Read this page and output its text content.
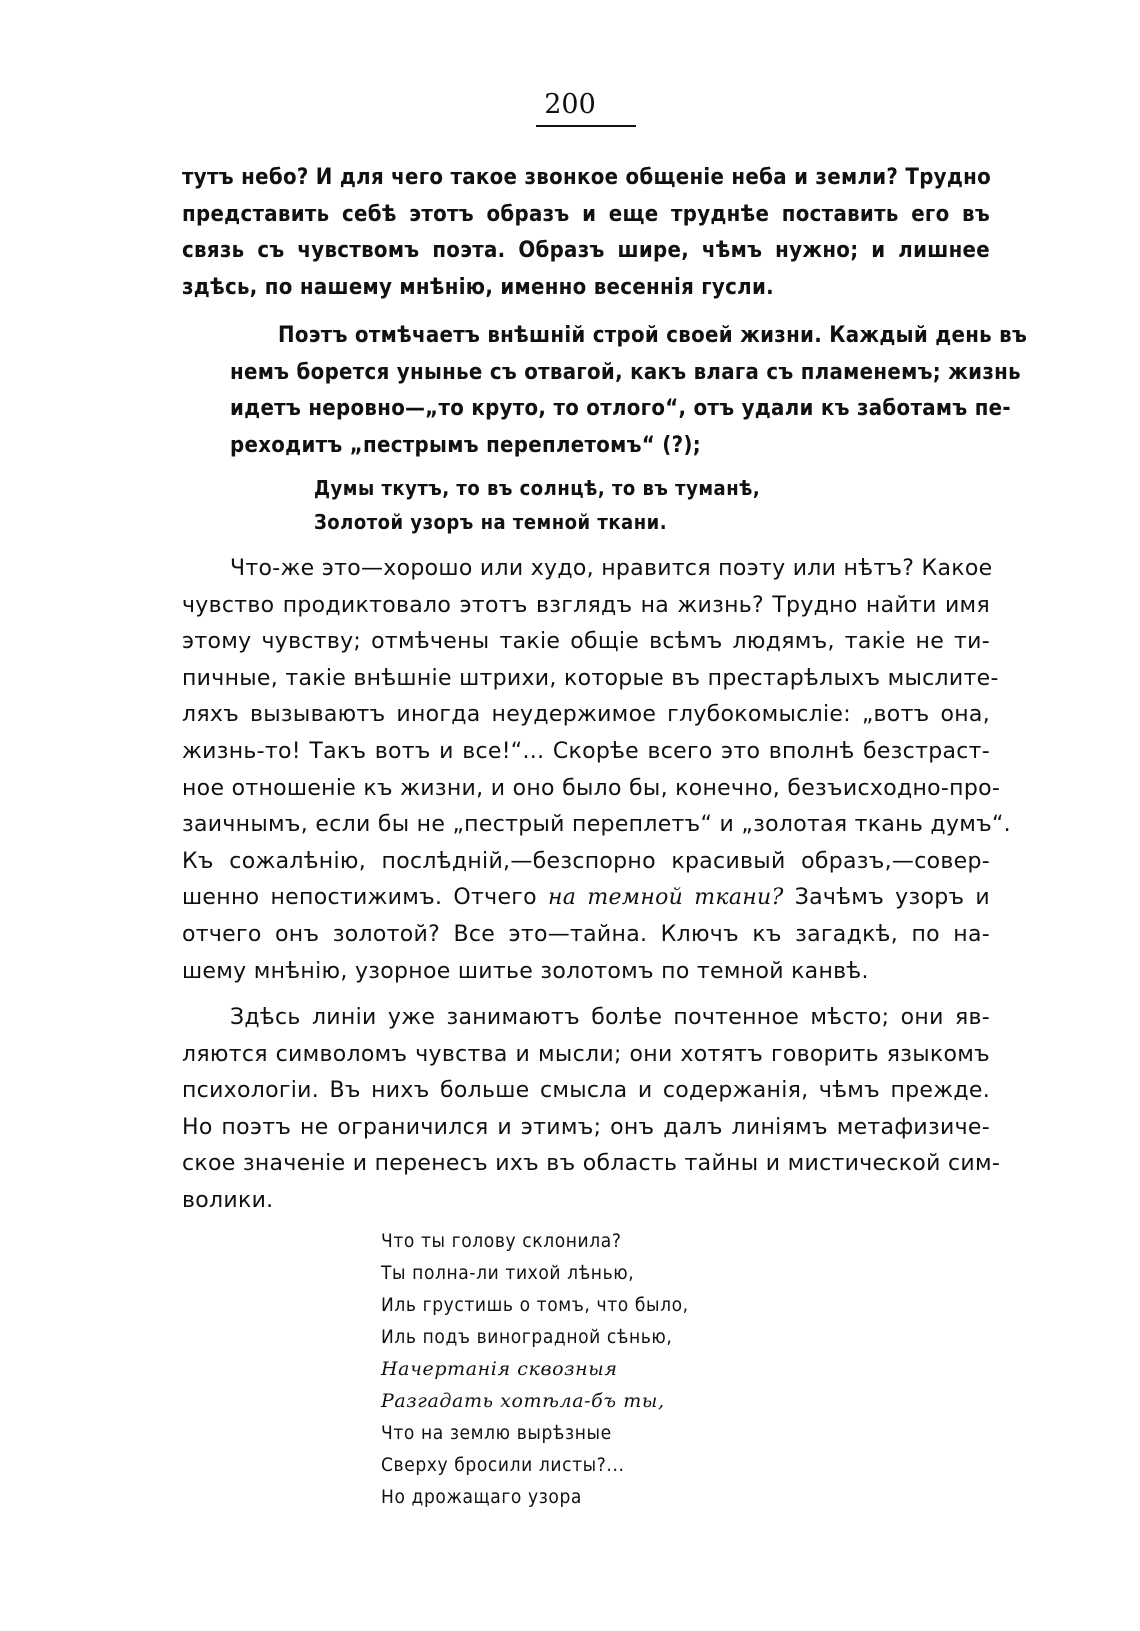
200
тутъ небо? И для чего такое звонкое общеніе неба и земли? Трудно
представить себѣ этотъ образъ и еще труднѣе поставить его въ
связь съ чувствомъ поэта. Образъ шире, чѣмъ нужно; и лишнее
здѣсь, по нашему мнѣнію, именно весеннія гусли.
Поэтъ отмѣчаетъ внѣшній строй своей жизни. Каждый день въ
немъ борется унынье съ отвагой, какъ влага съ пламенемъ; жизнь
идетъ неровно—„то круто, то отлого“, отъ удали къ заботамъ пе-
реходитъ „пестрымъ переплетомъ“ (?);
Думы ткутъ, то въ солнцѣ, то въ туманѣ,
Золотой узоръ на темной ткани.
Что-же это—хорошо или худо, нравится поэту или нѣтъ? Какое
чувство продиктовало этотъ взглядъ на жизнь? Трудно найти имя
этому чувству; отмѣчены такіе общіе всѣмъ людямъ, такіе не ти-
пичные, такіе внѣшніе штрихи, которые въ престарѣлыхъ мыслите-
ляхъ вызываютъ иногда неудержимое глубокомысліе: „вотъ она,
жизнь-то! Такъ вотъ и все!“... Скорѣе всего это вполнѣ безстраст-
ное отношеніе къ жизни, и оно было бы, конечно, безъисходно-про-
заичнымъ, если бы не „пестрый переплетъ“ и „золотая ткань думъ“.
Къ сожалѣнію, послѣдній,—безспорно красивый образъ,—совер-
шенно непостижимъ. Отчего на темной ткани? Зачѣмъ узоръ и
отчего онъ золотой? Все это—тайна. Ключъ къ загадкѣ, по на-
шему мнѣнію, узорное шитье золотомъ по темной канвѣ.
Здѣсь линіи уже занимаютъ болѣе почтенное мѣсто; они яв-
ляются символомъ чувства и мысли; они хотятъ говорить языкомъ
психологіи. Въ нихъ больше смысла и содержанія, чѣмъ прежде.
Но поэтъ не ограничился и этимъ; онъ далъ линіямъ метафизиче-
ское значеніе и перенесъ ихъ въ область тайны и мистической сим-
волики.
Что ты голову склонила?
Ты полна-ли тихой лѣнью,
Иль грустишь о томъ, что было,
Иль подъ виноградной сѣнью,
Начертанія сквозныя
Разгадать хотѣла-бъ ты,
Что на землю вырѣзные
Сверху бросили листы?...
Но дрожащаго узора
